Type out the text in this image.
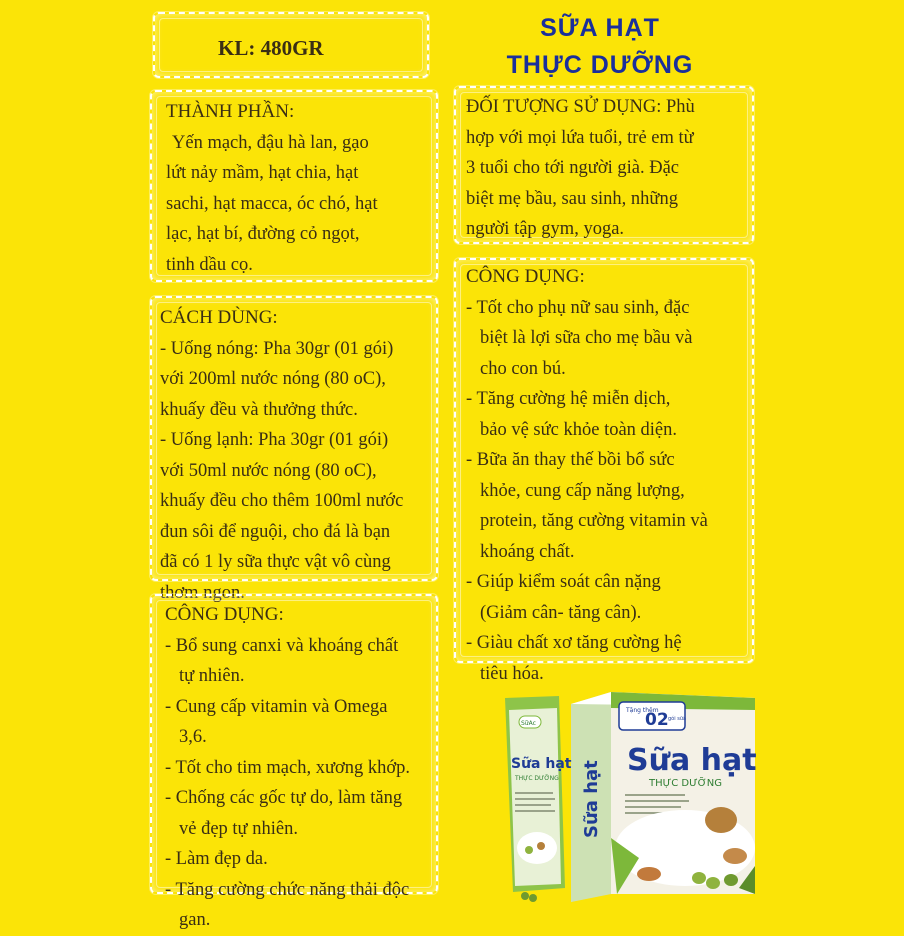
KL: 480GR
SỮA HẠT
THỰC DƯỠNG
THÀNH PHẦN:
Yến mạch, đậu hà lan, gạo
lứt nảy mầm, hạt chia, hạt
sachi, hạt macca, óc chó, hạt
lạc, hạt bí, đường cỏ ngọt,
tinh dầu cọ.
CÁCH DÙNG:
- Uống nóng: Pha 30gr (01 gói)
với 200ml nước nóng (80 oC),
khuấy đều và thưởng thức.
- Uống lạnh: Pha 30gr (01 gói)
với 50ml nước nóng (80 oC),
khuấy đều cho thêm 100ml nước
đun sôi để nguội, cho đá là bạn
đã có 1 ly sữa thực vật vô cùng
thơm ngon.
CÔNG DỤNG:
- Bổ sung canxi và khoáng chất
tự nhiên.
- Cung cấp vitamin và Omega
3,6.
- Tốt cho tim mạch, xương khớp.
- Chống các gốc tự do, làm tăng
vẻ đẹp tự nhiên.
- Làm đẹp da.
- Tăng cường chức năng thải độc
gan.
ĐỐI TƯỢNG SỬ DỤNG: Phù
hợp với mọi lứa tuổi, trẻ em từ
3 tuổi cho tới người già. Đặc
biệt mẹ bầu, sau sinh, những
người tập gym, yoga.
CÔNG DỤNG:
- Tốt cho phụ nữ sau sinh, đặc
biệt là lợi sữa cho mẹ bầu và
cho con bú.
- Tăng cường hệ miễn dịch,
bảo vệ sức khỏe toàn diện.
- Bữa ăn thay thế bồi bổ sức
khỏe, cung cấp năng lượng,
protein, tăng cường vitamin và
khoáng chất.
- Giúp kiểm soát cân nặng
(Giảm cân- tăng cân).
- Giàu chất xơ tăng cường hệ
tiêu hóa.
Tặng thêm
02 gói sữa
Sữa hạt
THỰC DƯỠNG
Sữa hạt
SữAc
Sữa hạt
THỰC DƯỠNG
